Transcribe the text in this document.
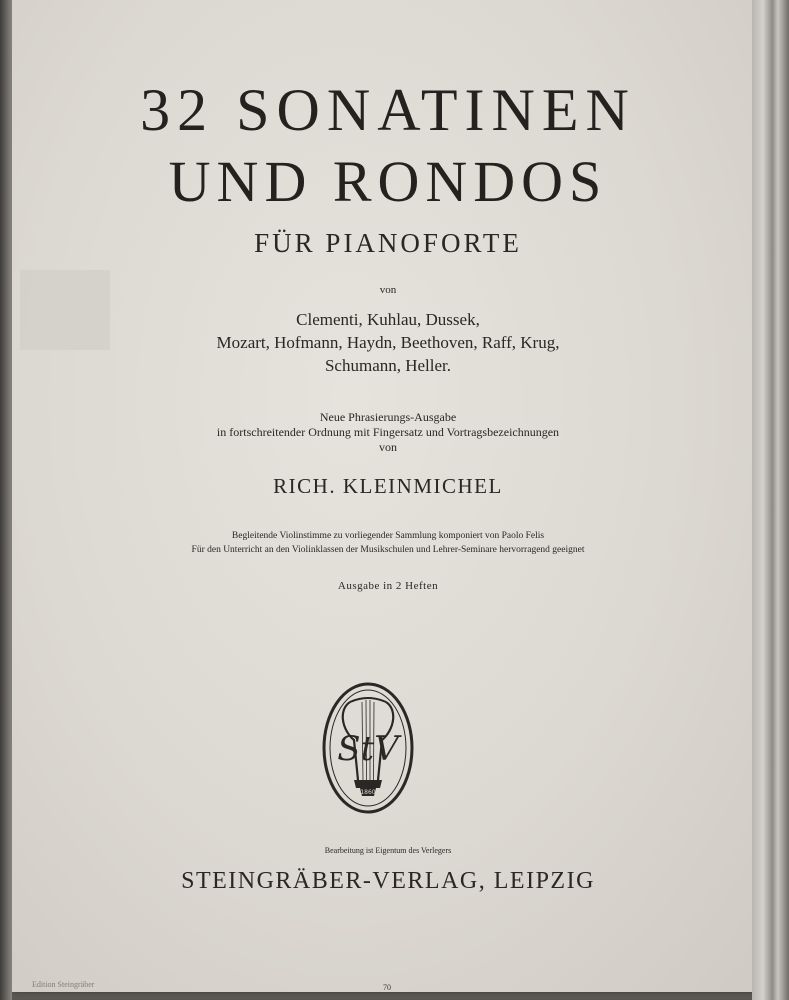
32 SONATINEN
UND RONDOS
FÜR PIANOFORTE
von
Clementi, Kuhlau, Dussek,
Mozart, Hofmann, Haydn, Beethoven, Raff, Krug,
Schumann, Heller.
Neue Phrasierungs-Ausgabe
in fortschreitender Ordnung mit Fingersatz und Vortragsbezeichnungen
von
RICH. KLEINMICHEL
Begleitende Violinstimme zu vorliegender Sammlung komponiert von Paolo Felis
Für den Unterricht an den Violinklassen der Musikschulen und Lehrer-Seminare hervorragend geeignet
Ausgabe in 2 Heften
StV
1860
Bearbeitung ist Eigentum des Verlegers
STEINGRÄBER-VERLAG, LEIPZIG
Edition Steingräber	70
